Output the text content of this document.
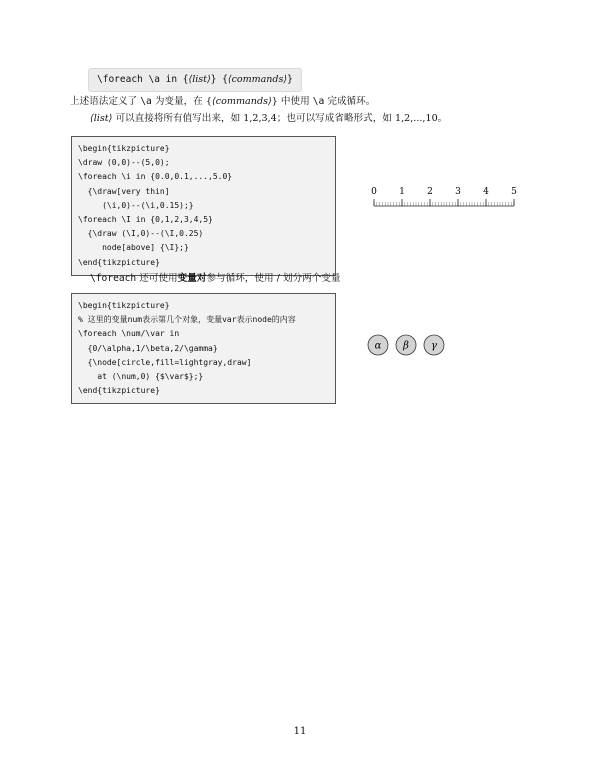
\foreach \a in {⟨list⟩} {⟨commands⟩}
上述语法定义了 \a 为变量，在 {⟨commands⟩} 中使用 \a 完成循环。
⟨list⟩ 可以直接将所有值写出来，如 1,2,3,4；也可以写成省略形式，如 1,2,...,10。
\begin{tikzpicture}
\draw (0,0)--(5,0);
\foreach \i in {0.0,0.1,...,5.0}
{\draw[very thin]
(\i,0)--(\i,0.15);}
\foreach \I in {0,1,2,3,4,5}
{\draw (\I,0)--(\I,0.25)
node[above] {\I};}
\end{tikzpicture}
0 1 2 3 4 5
\foreach 还可使用变量对参与循环，使用 / 划分两个变量
\begin{tikzpicture}
% 这里的变量num表示第几个对象，变量var表示node的内容
\foreach \num/\var in
{0/\alpha,1/\beta,2/\gamma}
{\node[circle,fill=lightgray,draw]
at (\num,0) {$\var$};}
\end{tikzpicture}
α β γ
11
